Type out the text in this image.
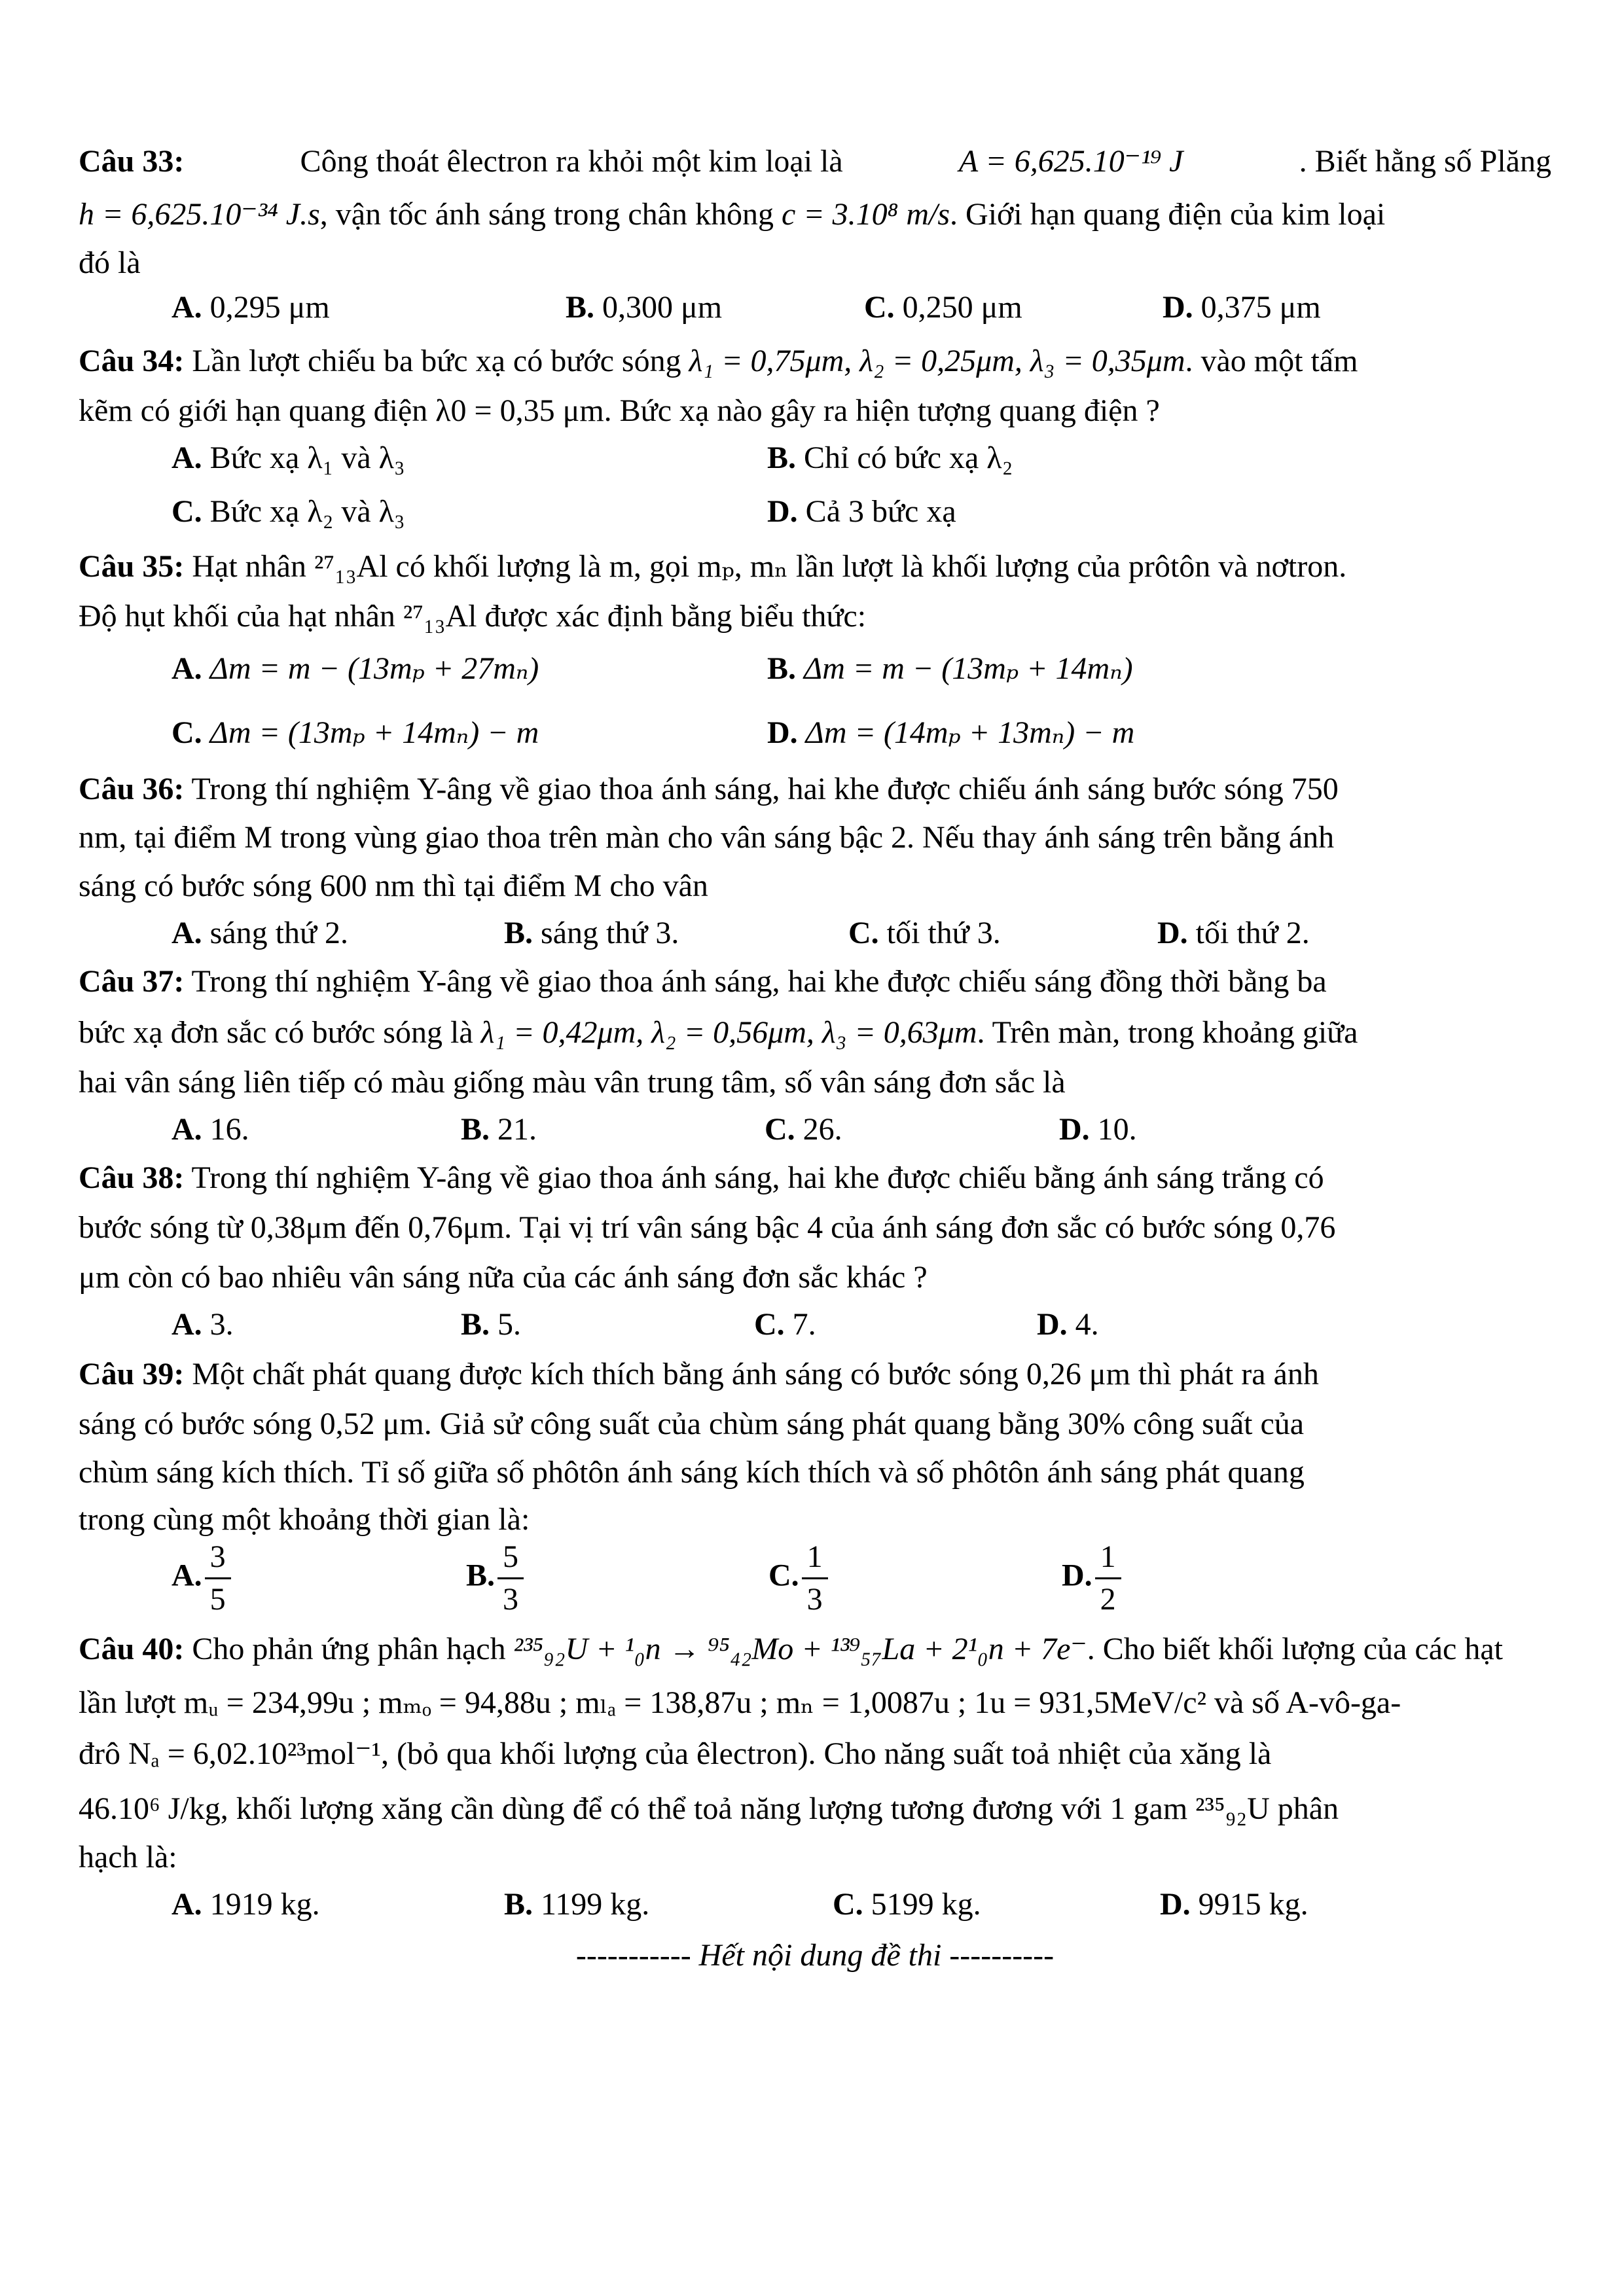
Câu 33:	Công thoát êlectron ra khỏi một kim loại là	A = 6,625.10⁻¹⁹ J	. Biết hằng số Plăng
h = 6,625.10⁻³⁴ J.s, vận tốc ánh sáng trong chân không c = 3.10⁸ m/s. Giới hạn quang điện của kim loại
đó là
A. 0,295 μm	B. 0,300 μm	C. 0,250 μm	D. 0,375 μm
Câu 34: Lần lượt chiếu ba bức xạ có bước sóng λ₁ = 0,75μm, λ₂ = 0,25μm, λ₃ = 0,35μm. vào một tấm
kẽm có giới hạn quang điện λ0 = 0,35 μm. Bức xạ nào gây ra hiện tượng quang điện ?
A. Bức xạ λ₁ và λ₃	B. Chỉ có bức xạ λ₂
C. Bức xạ λ₂ và λ₃	D. Cả 3 bức xạ
Câu 35: Hạt nhân ²⁷₁₃Al có khối lượng là m, gọi mₚ, mₙ lần lượt là khối lượng của prôtôn và nơtron.
Độ hụt khối của hạt nhân ²⁷₁₃Al được xác định bằng biểu thức:
A. Δm = m − (13mₚ + 27mₙ)	B. Δm = m − (13mₚ + 14mₙ)
C. Δm = (13mₚ + 14mₙ) − m	D. Δm = (14mₚ + 13mₙ) − m
Câu 36: Trong thí nghiệm Y-âng về giao thoa ánh sáng, hai khe được chiếu ánh sáng bước sóng 750
nm, tại điểm M trong vùng giao thoa trên màn cho vân sáng bậc 2. Nếu thay ánh sáng trên bằng ánh
sáng có bước sóng 600 nm thì tại điểm M cho vân
A. sáng thứ 2.	B. sáng thứ 3.	C. tối thứ 3.	D. tối thứ 2.
Câu 37: Trong thí nghiệm Y-âng về giao thoa ánh sáng, hai khe được chiếu sáng đồng thời bằng ba
bức xạ đơn sắc có bước sóng là λ₁ = 0,42μm, λ₂ = 0,56μm, λ₃ = 0,63μm. Trên màn, trong khoảng giữa
hai vân sáng liên tiếp có màu giống màu vân trung tâm, số vân sáng đơn sắc là
A. 16.	B. 21.	C. 26.	D. 10.
Câu 38: Trong thí nghiệm Y-âng về giao thoa ánh sáng, hai khe được chiếu bằng ánh sáng trắng có
bước sóng từ 0,38μm đến 0,76μm. Tại vị trí vân sáng bậc 4 của ánh sáng đơn sắc có bước sóng 0,76
μm còn có bao nhiêu vân sáng nữa của các ánh sáng đơn sắc khác ?
A. 3.	B. 5.	C. 7.	D. 4.
Câu 39: Một chất phát quang được kích thích bằng ánh sáng có bước sóng 0,26 μm thì phát ra ánh
sáng có bước sóng 0,52 μm. Giả sử công suất của chùm sáng phát quang bằng 30% công suất của
chùm sáng kích thích. Tỉ số giữa số phôtôn ánh sáng kích thích và số phôtôn ánh sáng phát quang
trong cùng một khoảng thời gian là:
A. $\frac{3}{5}$	B. $\frac{5}{3}$	C. $\frac{1}{3}$	D. $\frac{1}{2}$
Câu 40: Cho phản ứng phân hạch ²³⁵₉₂U + ¹₀n → ⁹⁵₄₂Mo + ¹³⁹₅₇La + 2¹₀n + 7e⁻. Cho biết khối lượng của các hạt
lần lượt mᵤ = 234,99u ; mₘₒ = 94,88u ; mₗₐ = 138,87u ; mₙ = 1,0087u ; 1u = 931,5MeV/c² và số A-vô-ga-
đrô Nₐ = 6,02.10²³mol⁻¹, (bỏ qua khối lượng của êlectron). Cho năng suất toả nhiệt của xăng là
46.10⁶ J/kg, khối lượng xăng cần dùng để có thể toả năng lượng tương đương với 1 gam ²³⁵₉₂U phân
hạch là:
A. 1919 kg.	B. 1199 kg.	C. 5199 kg.	D. 9915 kg.
----------- Hết nội dung đề thi ----------
